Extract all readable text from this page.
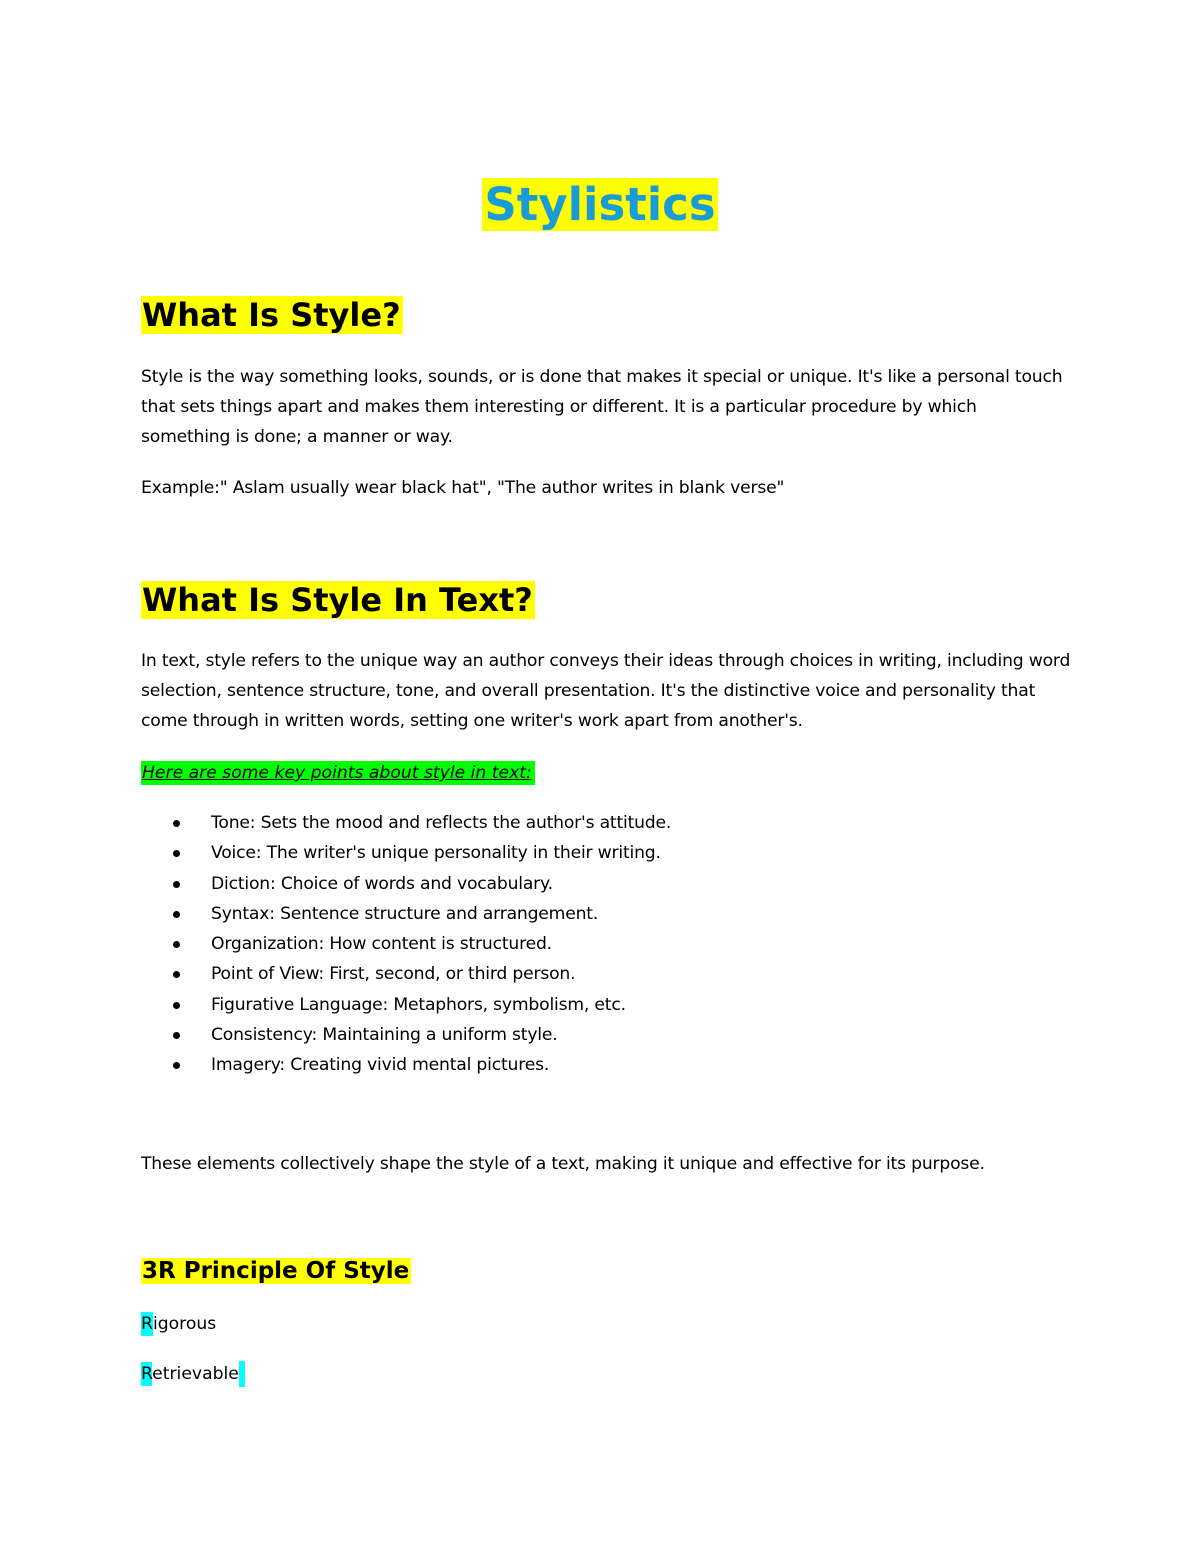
Stylistics
What Is Style?

Style is the way something looks, sounds, or is done that makes it special or unique. It's like a personal touch that sets things apart and makes them interesting or different. It is a particular procedure by which something is done; a manner or way.

Example:" Aslam usually wear black hat", "The author writes in blank verse"

What Is Style In Text?

In text, style refers to the unique way an author conveys their ideas through choices in writing, including word selection, sentence structure, tone, and overall presentation. It's the distinctive voice and personality that come through in written words, setting one writer's work apart from another's.

Here are some key points about style in text:

Tone: Sets the mood and reflects the author's attitude.
Voice: The writer's unique personality in their writing.
Diction: Choice of words and vocabulary.
Syntax: Sentence structure and arrangement.
Organization: How content is structured.
Point of View: First, second, or third person.
Figurative Language: Metaphors, symbolism, etc.
Consistency: Maintaining a uniform style.
Imagery: Creating vivid mental pictures.

These elements collectively shape the style of a text, making it unique and effective for its purpose.

3R Principle Of Style

Rigorous

Retrievable
